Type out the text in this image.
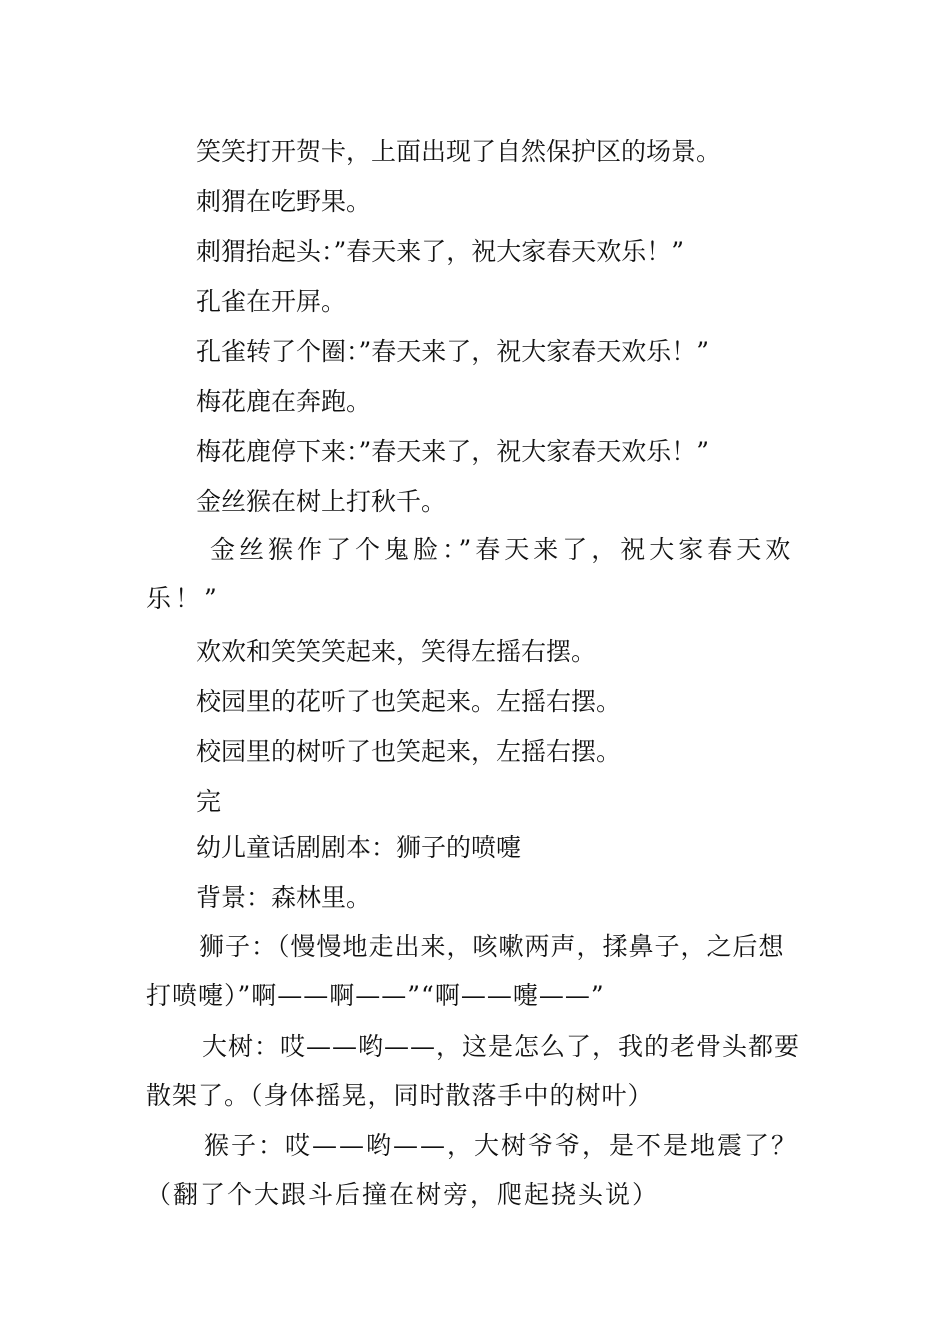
笑笑打开贺卡，上面出现了自然保护区的场景。
刺猬在吃野果。
刺猬抬起头：”春天来了，祝大家春天欢乐！”
孔雀在开屏。
孔雀转了个圈：”春天来了，祝大家春天欢乐！”
梅花鹿在奔跑。
梅花鹿停下来：”春天来了，祝大家春天欢乐！”
金丝猴在树上打秋千。
金丝猴作了个鬼脸：”春天来了，祝大家春天欢乐！”
欢欢和笑笑笑起来，笑得左摇右摆。
校园里的花听了也笑起来。左摇右摆。
校园里的树听了也笑起来，左摇右摆。
完
幼儿童话剧剧本：狮子的喷嚏
背景：森林里。
狮子：（慢慢地走出来，咳嗽两声，揉鼻子，之后想打喷嚏）”啊——啊——”“啊——嚏——”
大树：哎——哟——，这是怎么了，我的老骨头都要散架了。（身体摇晃，同时散落手中的树叶）
猴子：哎——哟——，大树爷爷，是不是地震了？（翻了个大跟斗后撞在树旁，爬起挠头说）
